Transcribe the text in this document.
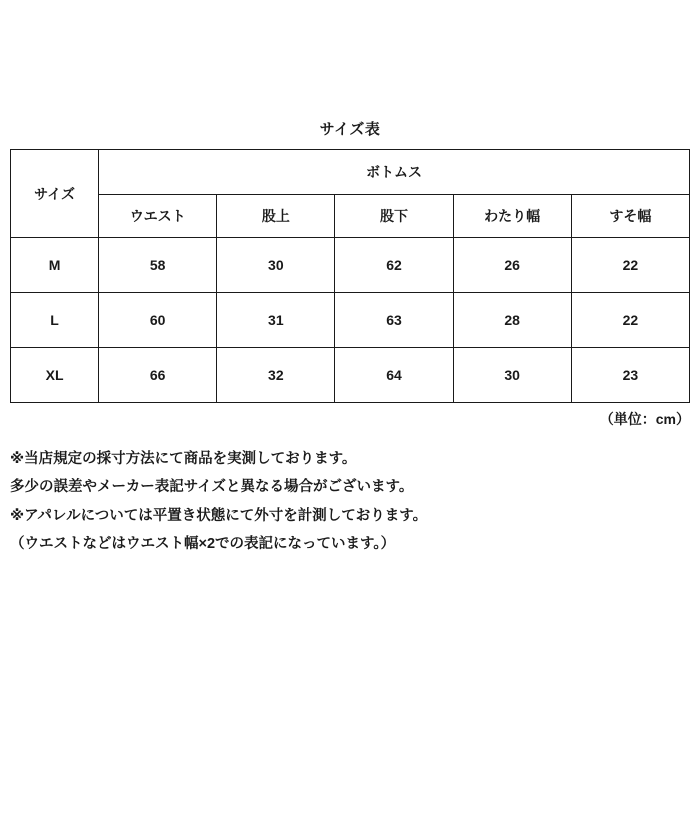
サイズ表
サイズ	ボトムス				
	ウエスト	股上	股下	わたり幅	すそ幅
M	58	30	62	26	22
L	60	31	63	28	22
XL	66	32	64	30	23
（単位：cm）
※当店規定の採寸方法にて商品を実測しております。
多少の誤差やメーカー表記サイズと異なる場合がございます。
※アパレルについては平置き状態にて外寸を計測しております。
（ウエストなどはウエスト幅×2での表記になっています。）
